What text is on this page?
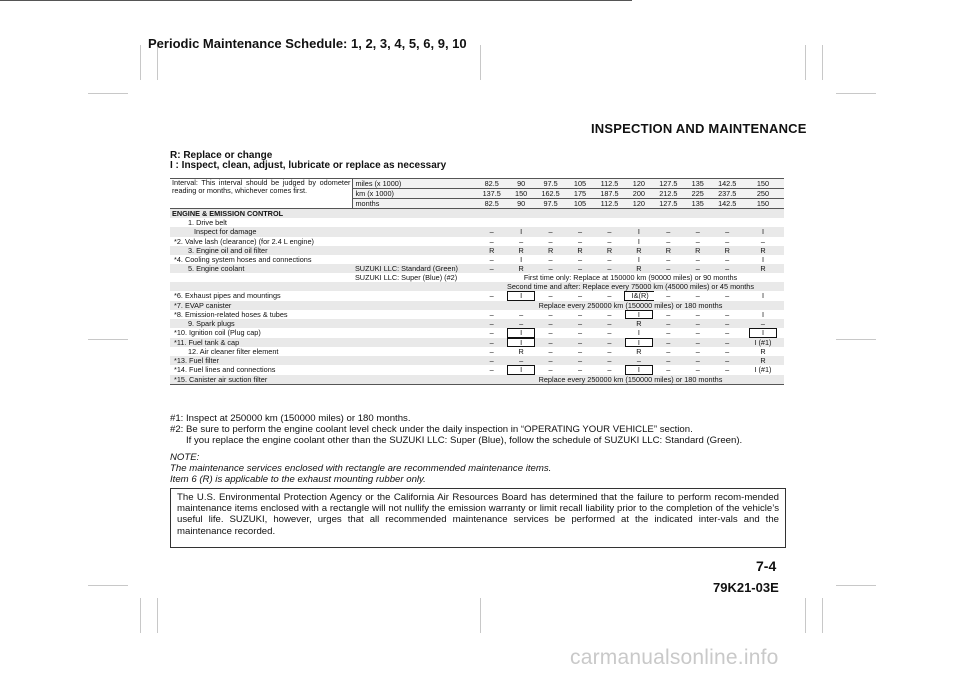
Periodic Maintenance Schedule: 1, 2, 3, 4, 5, 6, 9, 10
INSPECTION AND MAINTENANCE
R: Replace or change
I : Inspect, clean, adjust, lubricate or replace as necessary
Interval: This interval should be judged by odometer reading or months, whichever comes first.	miles (x 1000)	82.5	90	97.5	105	112.5	120	127.5	135	142.5	150
	km (x 1000)	137.5	150	162.5	175	187.5	200	212.5	225	237.5	250
	months	82.5	90	97.5	105	112.5	120	127.5	135	142.5	150
ENGINE & EMISSION CONTROL											
1. Drive belt											
Inspect for damage		–	I	–	–	–	I	–	–	–	I
*2. Valve lash (clearance) (for 2.4 L engine)		–	–	–	–	–	I	–	–	–	–
3. Engine oil and oil filter		R	R	R	R	R	R	R	R	R	R
*4. Cooling system hoses and connections		–	I	–	–	–	I	–	–	–	I
5. Engine coolant	SUZUKI LLC: Standard (Green)	–	R	–	–	–	R	–	–	–	R
	SUZUKI LLC: Super (Blue) (#2)	First time only: Replace at 150000 km (90000 miles) or 90 months									
		Second time and after: Replace every 75000 km (45000 miles) or 45 months									
*6. Exhaust pipes and mountings		–	I	–	–	–	I&(R)	–	–	–	I
*7. EVAP canister		Replace every 250000 km (150000 miles) or 180 months									
*8. Emission-related hoses & tubes		–	–	–	–	–	I	–	–	–	I
9. Spark plugs		–	–	–	–	–	R	–	–	–	–
*10. Ignition coil (Plug cap)		–	I	–	–	–	I	–	–	–	I
*11. Fuel tank & cap		–	I	–	–	–	I	–	–	–	I (#1)
12. Air cleaner filter element		–	R	–	–	–	R	–	–	–	R
*13. Fuel filter		–	–	–	–	–	–	–	–	–	R
*14. Fuel lines and connections		–	I	–	–	–	I	–	–	–	I (#1)
*15. Canister air suction filter		Replace every 250000 km (150000 miles) or 180 months									
#1: Inspect at 250000 km (150000 miles) or 180 months.
#2: Be sure to perform the engine coolant level check under the daily inspection in “OPERATING YOUR VEHICLE” section.
If you replace the engine coolant other than the SUZUKI LLC: Super (Blue), follow the schedule of SUZUKI LLC: Standard (Green).
NOTE:
The maintenance services enclosed with rectangle are recommended maintenance items.
Item 6 (R) is applicable to the exhaust mounting rubber only.
The U.S. Environmental Protection Agency or the California Air Resources Board has determined that the failure to perform recom-mended maintenance items enclosed with a rectangle will not nullify the emission warranty or limit recall liability prior to the completion of the vehicle’s useful life. SUZUKI, however, urges that all recommended maintenance services be performed at the indicated inter-vals and the maintenance recorded.
7-4
79K21-03E
carmanualsonline.info
